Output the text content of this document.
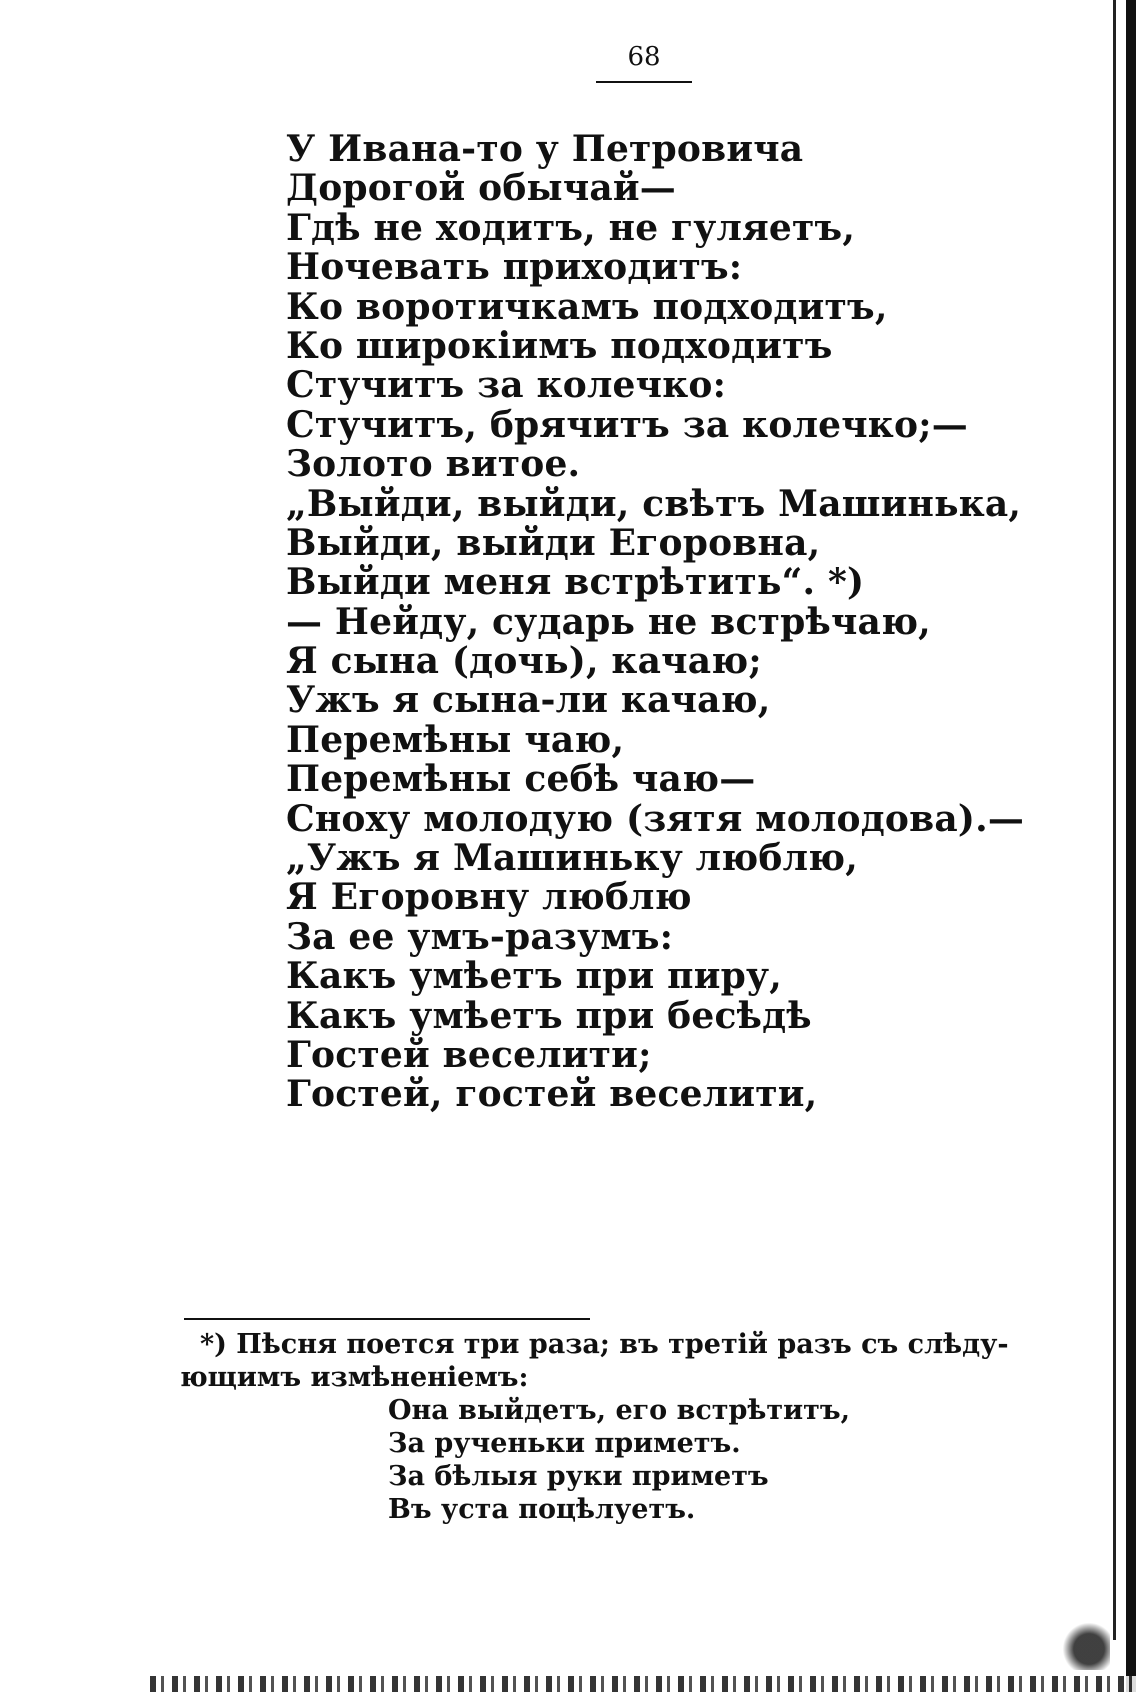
68
У Ивана-то у Петровича
Дорогой обычай—
Гдѣ не ходитъ, не гуляетъ,
Ночевать приходитъ:
Ко воротичкамъ подходитъ,
Ко широкіимъ подходитъ
Стучитъ за колечко:
Стучитъ, брячитъ за колечко;—
Золото витое.
„Выйди, выйди, свѣтъ Машинька,
Выйди, выйди Егоровна,
Выйди меня встрѣтить“. *)
— Нейду, сударь не встрѣчаю,
Я сына (дочь), качаю;
Ужъ я сына-ли качаю,
Перемѣны чаю,
Перемѣны себѣ чаю—
Сноху молодую (зятя молодова).—
„Ужъ я Машиньку люблю,
Я Егоровну люблю
За ее умъ-разумъ:
Какъ умѣетъ при пиру,
Какъ умѣетъ при бесѣдѣ
Гостей веселити;
Гостей, гостей веселити,
*) Пѣсня поется три раза; въ третій разъ съ слѣду-
ющимъ измѣненіемъ:
Она выйдетъ, его встрѣтитъ,
За рученьки приметъ.
За бѣлыя руки приметъ
Въ уста поцѣлуетъ.
